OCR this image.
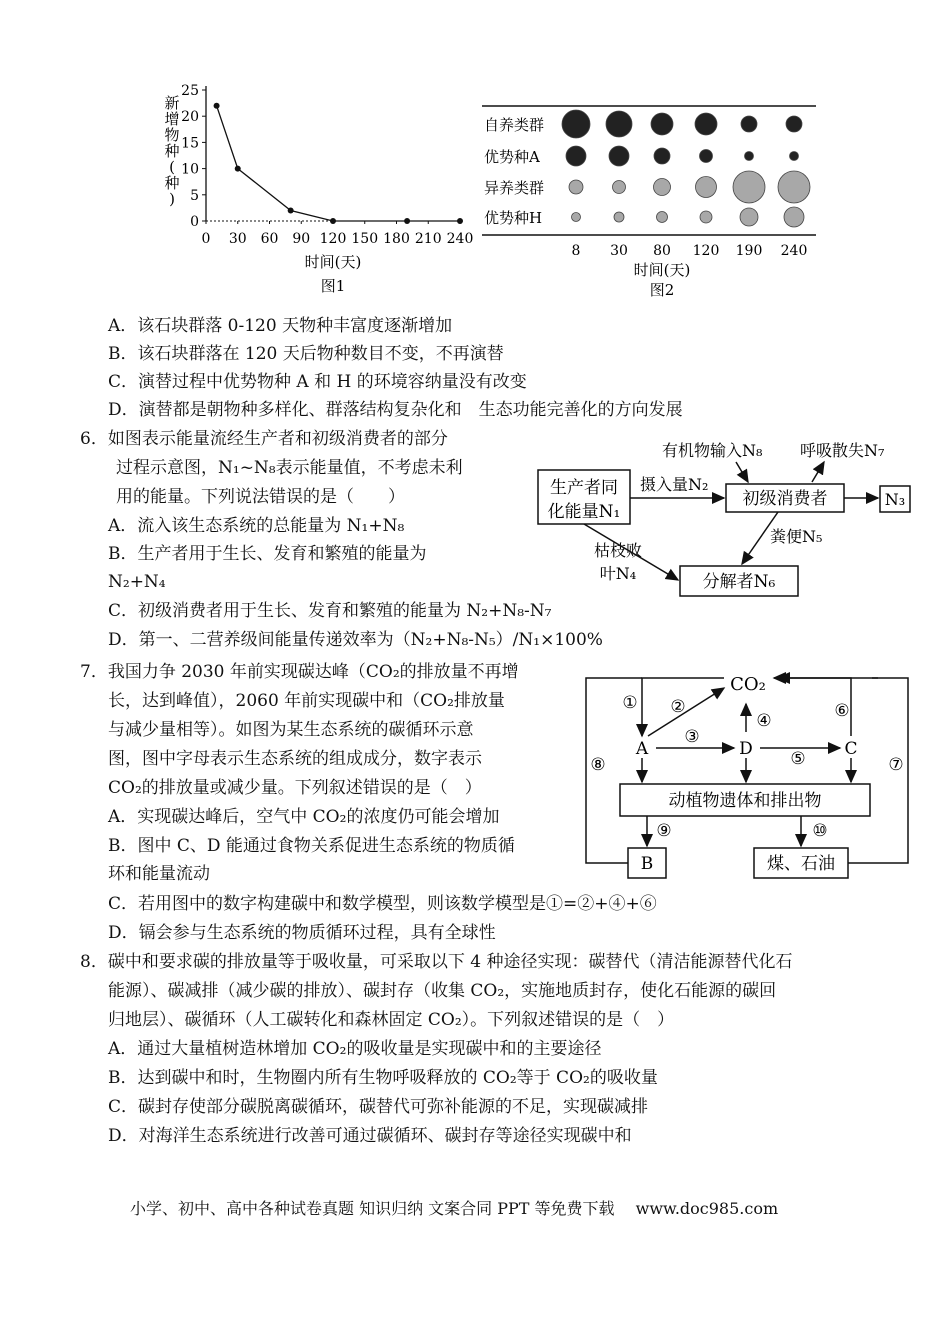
0
5
10
15
20
25
0 30 60 90 120 150 180 210 240
时间(天)
图1
新增物种(种)
自养类群
优势种A
异养类群
优势种H
8 30 80 120 190 240
时间(天)
图2
A．该石块群落 0-120 天物种丰富度逐渐增加
B．该石块群落在 120 天后物种数目不变，不再演替
C．演替过程中优势物种 A 和 H 的环境容纳量没有改变
D．演替都是朝物种多样化、群落结构复杂化和　生态功能完善化的方向发展
6．如图表示能量流经生产者和初级消费者的部分
过程示意图，N₁~N₈表示能量值，不考虑未利
用的能量。下列说法错误的是（　　）
A．流入该生态系统的总能量为 N₁+N₈
B．生产者用于生长、发育和繁殖的能量为
N₂+N₄
C．初级消费者用于生长、发育和繁殖的能量为 N₂+N₈-N₇
D．第一、二营养级间能量传递效率为（N₂+N₈-N₅）/N₁×100%
生产者同
化能量N₁
初级消费者	N₃
分解者N₆
有机物输入N₈ 呼吸散失N₇
摄入量N₂
粪便N₅
枯枝败
叶N₄
7．我国力争 2030 年前实现碳达峰（CO₂的排放量不再增
长，达到峰值），2060 年前实现碳中和（CO₂排放量
与减少量相等）。如图为某生态系统的碳循环示意
图，图中字母表示生态系统的组成成分，数字表示
CO₂的排放量或减少量。下列叙述错误的是（　）
A．实现碳达峰后，空气中 CO₂的浓度仍可能会增加
B．图中 C、D 能通过食物关系促进生态系统的物质循
环和能量流动
C．若用图中的数字构建碳中和数学模型，则该数学模型是①=②+④+⑥
D．镉会参与生态系统的物质循环过程，具有全球性
CO₂
A	D	C
动植物遗体和排出物
B	煤、石油
① ②
③
④
⑤
⑥
⑦
⑧
⑨	⑩
8．碳中和要求碳的排放量等于吸收量，可采取以下 4 种途径实现：碳替代（清洁能源替代化石
能源）、碳减排（减少碳的排放）、碳封存（收集 CO₂，实施地质封存，使化石能源的碳回
归地层）、碳循环（人工碳转化和森林固定 CO₂）。下列叙述错误的是（　）
A．通过大量植树造林增加 CO₂的吸收量是实现碳中和的主要途径
B．达到碳中和时，生物圈内所有生物呼吸释放的 CO₂等于 CO₂的吸收量
C．碳封存使部分碳脱离碳循环，碳替代可弥补能源的不足，实现碳减排
D．对海洋生态系统进行改善可通过碳循环、碳封存等途径实现碳中和
小学、初中、高中各种试卷真题 知识归纳 文案合同 PPT 等免费下载　 www.doc985.com
